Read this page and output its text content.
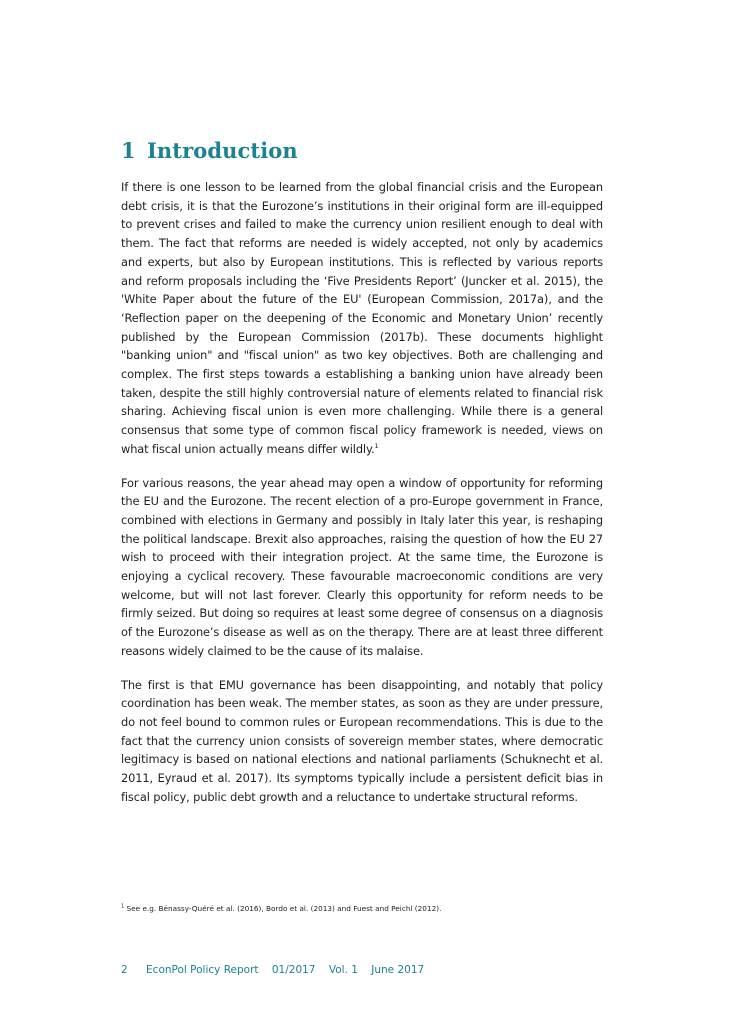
1 Introduction

If there is one lesson to be learned from the global financial crisis and the European debt crisis, it is that the Eurozone’s institutions in their original form are ill-equipped to prevent crises and failed to make the currency union resilient enough to deal with them. The fact that reforms are needed is widely accepted, not only by academics and experts, but also by European institutions. This is reflected by various reports and reform proposals including the ‘Five Presidents Report’ (Juncker et al. 2015), the 'White Paper about the future of the EU' (European Commission, 2017a), and the ‘Reflection paper on the deepening of the Economic and Monetary Union’ recently published by the European Commission (2017b). These documents highlight "banking union" and "fiscal union" as two key objectives. Both are challenging and complex. The first steps towards a establishing a banking union have already been taken, despite the still highly controversial nature of elements related to financial risk sharing. Achieving fiscal union is even more challenging. While there is a general consensus that some type of common fiscal policy framework is needed, views on what fiscal union actually means differ wildly.$^1$

For various reasons, the year ahead may open a window of opportunity for reforming the EU and the Eurozone. The recent election of a pro-Europe government in France, combined with elections in Germany and possibly in Italy later this year, is reshaping the political landscape. Brexit also approaches, raising the question of how the EU 27 wish to proceed with their integration project. At the same time, the Eurozone is enjoying a cyclical recovery. These favourable macroeconomic conditions are very welcome, but will not last forever. Clearly this opportunity for reform needs to be firmly seized. But doing so requires at least some degree of consensus on a diagnosis of the Eurozone’s disease as well as on the therapy. There are at least three different reasons widely claimed to be the cause of its malaise.

The first is that EMU governance has been disappointing, and notably that policy coordination has been weak. The member states, as soon as they are under pressure, do not feel bound to common rules or European recommendations. This is due to the fact that the currency union consists of sovereign member states, where democratic legitimacy is based on national elections and national parliaments (Schuknecht et al. 2011, Eyraud et al. 2017). Its symptoms typically include a persistent deficit bias in fiscal policy, public debt growth and a reluctance to undertake structural reforms.

$^1$ See e.g. Bénassy-Quéré et al. (2016), Bordo et al. (2013) and Fuest and Peichl (2012).
2 EconPol Policy Report 01/2017 Vol. 1 June 2017
